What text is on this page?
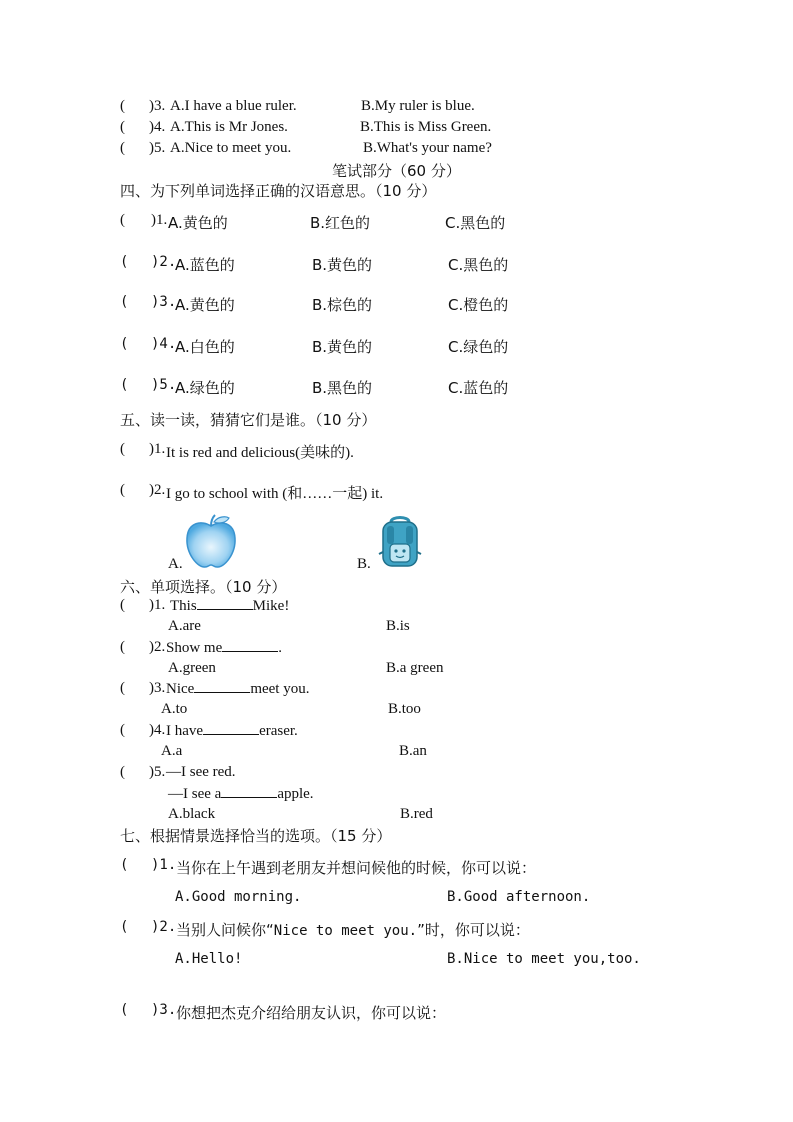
( )3. A.I have a blue ruler.	B.My ruler is blue.
( )4. A.This is Mr Jones.	B.This is Miss Green.
( )5. A.Nice to meet you.	B.What's your name?
笔试部分（60 分）
四、为下列单词选择正确的汉语意思。（10 分）
( )1. A.黄色的	B.红色的	C.黑色的
( )2.
A.蓝色的	B.黄色的	C.黑色的
( )3.
A.黄色的	B.棕色的	C.橙色的
( )4.
A.白色的	B.黄色的	C.绿色的
( )5.
A.绿色的	B.黑色的	C.蓝色的
五、读一读，猜猜它们是谁。（10 分）
( )1. It is red and delicious(美味的).
( )2. I go to school with (和……一起) it.
A.	B.
六、单项选择。（10 分）
( )1. This	Mike!
A.are	B.is
( )2. Show me	.
A.green	B.a green
( )3. Nice	meet you.
A.to	B.too
( )4. I have	eraser.
A.a	B.an
( )5. —I see red.
—I see a	apple.
A.black	B.red
七、根据情景选择恰当的选项。（15 分）
( )1. 当你在上午遇到老朋友并想问候他的时候，你可以说：
A.Good morning.	B.Good afternoon.
( )2. 当别人问候你“Nice to meet you.”时，你可以说：
A.Hello!	B.Nice to meet you,too.
( )3. 你想把杰克介绍给朋友认识，你可以说：
